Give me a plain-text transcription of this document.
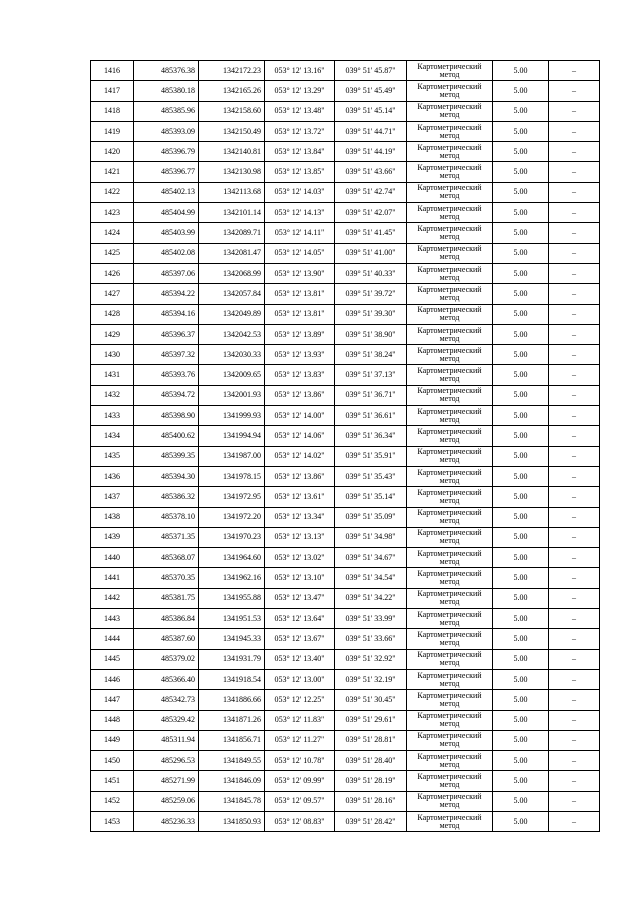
1416	485376.38	1342172.23	053° 12' 13.16"	039° 51' 45.87"	Картометрический метод	5.00	–
1417	485380.18	1342165.26	053° 12' 13.29"	039° 51' 45.49"	Картометрический метод	5.00	–
1418	485385.96	1342158.60	053° 12' 13.48"	039° 51' 45.14"	Картометрический метод	5.00	–
1419	485393.09	1342150.49	053° 12' 13.72"	039° 51' 44.71"	Картометрический метод	5.00	–
1420	485396.79	1342140.81	053° 12' 13.84"	039° 51' 44.19"	Картометрический метод	5.00	–
1421	485396.77	1342130.98	053° 12' 13.85"	039° 51' 43.66"	Картометрический метод	5.00	–
1422	485402.13	1342113.68	053° 12' 14.03"	039° 51' 42.74"	Картометрический метод	5.00	–
1423	485404.99	1342101.14	053° 12' 14.13"	039° 51' 42.07"	Картометрический метод	5.00	–
1424	485403.99	1342089.71	053° 12' 14.11"	039° 51' 41.45"	Картометрический метод	5.00	–
1425	485402.08	1342081.47	053° 12' 14.05"	039° 51' 41.00"	Картометрический метод	5.00	–
1426	485397.06	1342068.99	053° 12' 13.90"	039° 51' 40.33"	Картометрический метод	5.00	–
1427	485394.22	1342057.84	053° 12' 13.81"	039° 51' 39.72"	Картометрический метод	5.00	–
1428	485394.16	1342049.89	053° 12' 13.81"	039° 51' 39.30"	Картометрический метод	5.00	–
1429	485396.37	1342042.53	053° 12' 13.89"	039° 51' 38.90"	Картометрический метод	5.00	–
1430	485397.32	1342030.33	053° 12' 13.93"	039° 51' 38.24"	Картометрический метод	5.00	–
1431	485393.76	1342009.65	053° 12' 13.83"	039° 51' 37.13"	Картометрический метод	5.00	–
1432	485394.72	1342001.93	053° 12' 13.86"	039° 51' 36.71"	Картометрический метод	5.00	–
1433	485398.90	1341999.93	053° 12' 14.00"	039° 51' 36.61"	Картометрический метод	5.00	–
1434	485400.62	1341994.94	053° 12' 14.06"	039° 51' 36.34"	Картометрический метод	5.00	–
1435	485399.35	1341987.00	053° 12' 14.02"	039° 51' 35.91"	Картометрический метод	5.00	–
1436	485394.30	1341978.15	053° 12' 13.86"	039° 51' 35.43"	Картометрический метод	5.00	–
1437	485386.32	1341972.95	053° 12' 13.61"	039° 51' 35.14"	Картометрический метод	5.00	–
1438	485378.10	1341972.20	053° 12' 13.34"	039° 51' 35.09"	Картометрический метод	5.00	–
1439	485371.35	1341970.23	053° 12' 13.13"	039° 51' 34.98"	Картометрический метод	5.00	–
1440	485368.07	1341964.60	053° 12' 13.02"	039° 51' 34.67"	Картометрический метод	5.00	–
1441	485370.35	1341962.16	053° 12' 13.10"	039° 51' 34.54"	Картометрический метод	5.00	–
1442	485381.75	1341955.88	053° 12' 13.47"	039° 51' 34.22"	Картометрический метод	5.00	–
1443	485386.84	1341951.53	053° 12' 13.64"	039° 51' 33.99"	Картометрический метод	5.00	–
1444	485387.60	1341945.33	053° 12' 13.67"	039° 51' 33.66"	Картометрический метод	5.00	–
1445	485379.02	1341931.79	053° 12' 13.40"	039° 51' 32.92"	Картометрический метод	5.00	–
1446	485366.40	1341918.54	053° 12' 13.00"	039° 51' 32.19"	Картометрический метод	5.00	–
1447	485342.73	1341886.66	053° 12' 12.25"	039° 51' 30.45"	Картометрический метод	5.00	–
1448	485329.42	1341871.26	053° 12' 11.83"	039° 51' 29.61"	Картометрический метод	5.00	–
1449	485311.94	1341856.71	053° 12' 11.27"	039° 51' 28.81"	Картометрический метод	5.00	–
1450	485296.53	1341849.55	053° 12' 10.78"	039° 51' 28.40"	Картометрический метод	5.00	–
1451	485271.99	1341846.09	053° 12' 09.99"	039° 51' 28.19"	Картометрический метод	5.00	–
1452	485259.06	1341845.78	053° 12' 09.57"	039° 51' 28.16"	Картометрический метод	5.00	–
1453	485236.33	1341850.93	053° 12' 08.83"	039° 51' 28.42"	Картометрический метод	5.00	–
